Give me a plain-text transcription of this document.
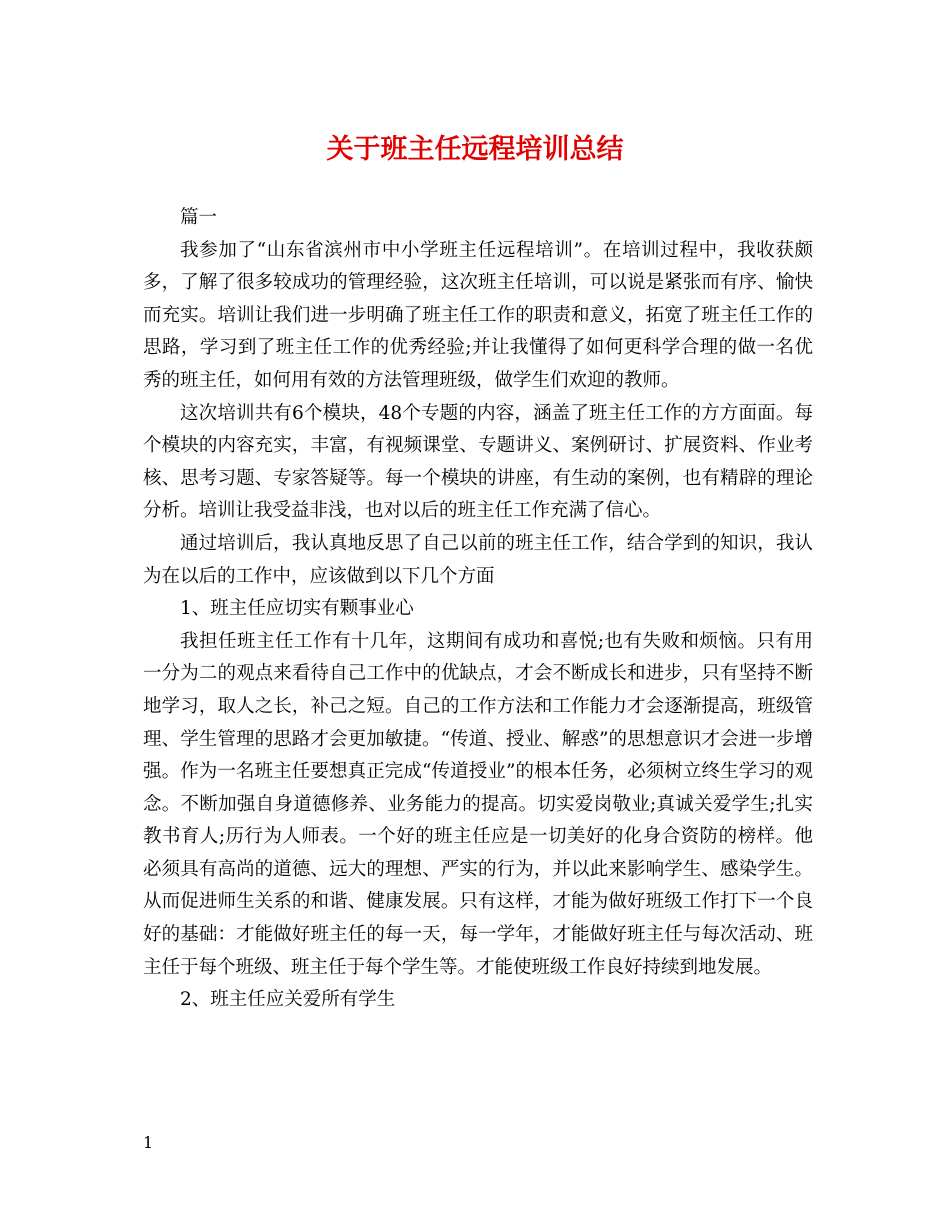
关于班主任远程培训总结

篇一

我参加了“山东省滨州市中小学班主任远程培训”。在培训过程中，我收获颇多，了解了很多较成功的管理经验，这次班主任培训，可以说是紧张而有序、愉快而充实。培训让我们进一步明确了班主任工作的职责和意义，拓宽了班主任工作的思路，学习到了班主任工作的优秀经验;并让我懂得了如何更科学合理的做一名优秀的班主任，如何用有效的方法管理班级，做学生们欢迎的教师。

这次培训共有6个模块，48个专题的内容，涵盖了班主任工作的方方面面。每个模块的内容充实，丰富，有视频课堂、专题讲义、案例研讨、扩展资料、作业考核、思考习题、专家答疑等。每一个模块的讲座，有生动的案例，也有精辟的理论分析。培训让我受益非浅，也对以后的班主任工作充满了信心。

通过培训后，我认真地反思了自己以前的班主任工作，结合学到的知识，我认为在以后的工作中，应该做到以下几个方面

1、班主任应切实有颗事业心

我担任班主任工作有十几年，这期间有成功和喜悦;也有失败和烦恼。只有用一分为二的观点来看待自己工作中的优缺点，才会不断成长和进步，只有坚持不断地学习，取人之长，补己之短。自己的工作方法和工作能力才会逐渐提高，班级管理、学生管理的思路才会更加敏捷。“传道、授业、解惑”的思想意识才会进一步增强。作为一名班主任要想真正完成“传道授业”的根本任务，必须树立终生学习的观念。不断加强自身道德修养、业务能力的提高。切实爱岗敬业;真诚关爱学生;扎实教书育人;历行为人师表。一个好的班主任应是一切美好的化身合资防的榜样。他必须具有高尚的道德、远大的理想、严实的行为，并以此来影响学生、感染学生。从而促进师生关系的和谐、健康发展。只有这样，才能为做好班级工作打下一个良好的基础：才能做好班主任的每一天，每一学年，才能做好班主任与每次活动、班主任于每个班级、班主任于每个学生等。才能使班级工作良好持续到地发展。

2、班主任应关爱所有学生

1
